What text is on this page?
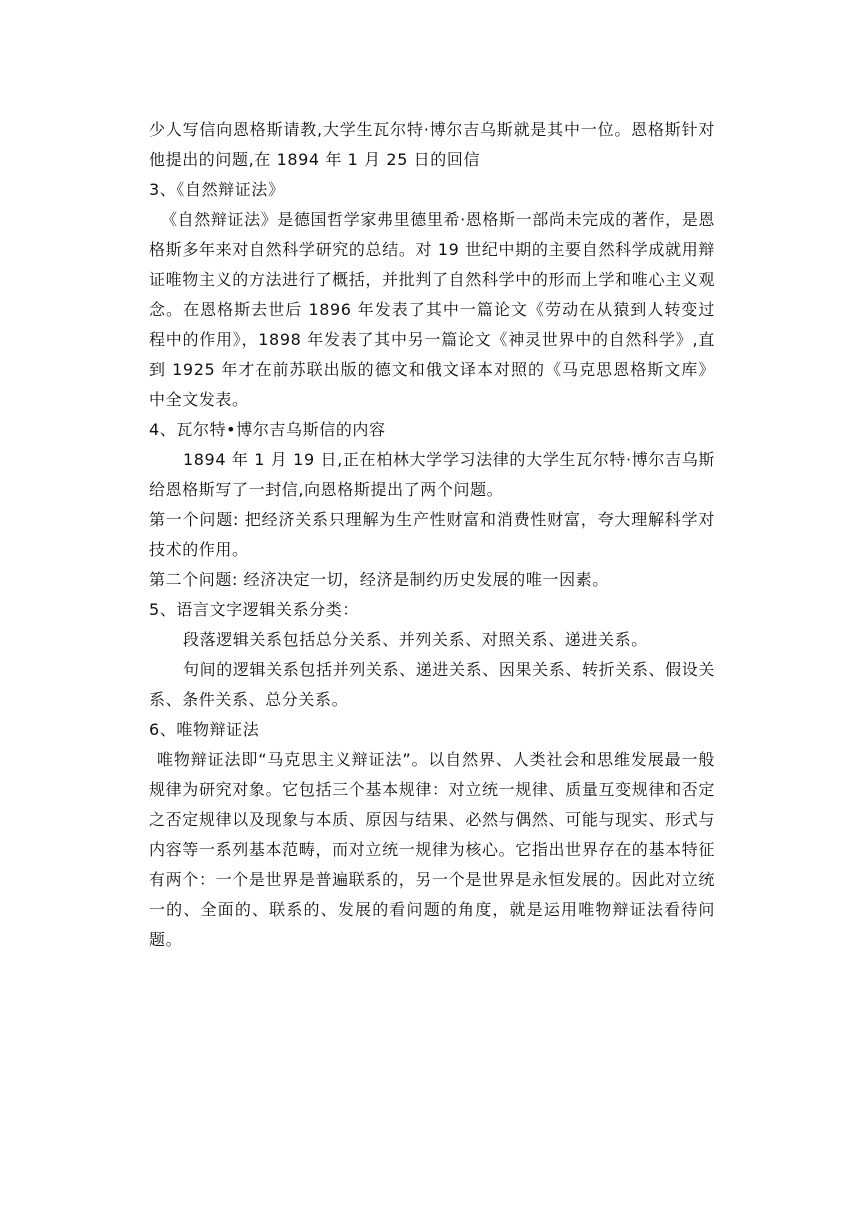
少人写信向恩格斯请教,大学生瓦尔特·博尔吉乌斯就是其中一位。恩格斯针对他提出的问题,在 1894 年 1 月 25 日的回信

3、《自然辩证法》

《自然辩证法》是德国哲学家弗里德里希·恩格斯一部尚未完成的著作，是恩格斯多年来对自然科学研究的总结。对 19 世纪中期的主要自然科学成就用辩证唯物主义的方法进行了概括，并批判了自然科学中的形而上学和唯心主义观念。在恩格斯去世后 1896 年发表了其中一篇论文《劳动在从猿到人转变过程中的作用》，1898 年发表了其中另一篇论文《神灵世界中的自然科学》,直到 1925 年才在前苏联出版的德文和俄文译本对照的《马克思恩格斯文库》中全文发表。

4、瓦尔特•博尔吉乌斯信的内容

1894 年 1 月 19 日,正在柏林大学学习法律的大学生瓦尔特·博尔吉乌斯给恩格斯写了一封信,向恩格斯提出了两个问题。

第一个问题: 把经济关系只理解为生产性财富和消费性财富，夸大理解科学对技术的作用。

第二个问题: 经济决定一切，经济是制约历史发展的唯一因素。

5、语言文字逻辑关系分类：

段落逻辑关系包括总分关系、并列关系、对照关系、递进关系。

句间的逻辑关系包括并列关系、递进关系、因果关系、转折关系、假设关系、条件关系、总分关系。

6、唯物辩证法

唯物辩证法即“马克思主义辩证法”。以自然界、人类社会和思维发展最一般规律为研究对象。它包括三个基本规律：对立统一规律、质量互变规律和否定之否定规律以及现象与本质、原因与结果、必然与偶然、可能与现实、形式与内容等一系列基本范畴，而对立统一规律为核心。它指出世界存在的基本特征有两个：一个是世界是普遍联系的，另一个是世界是永恒发展的。因此对立统一的、全面的、联系的、发展的看问题的角度，就是运用唯物辩证法看待问题。
